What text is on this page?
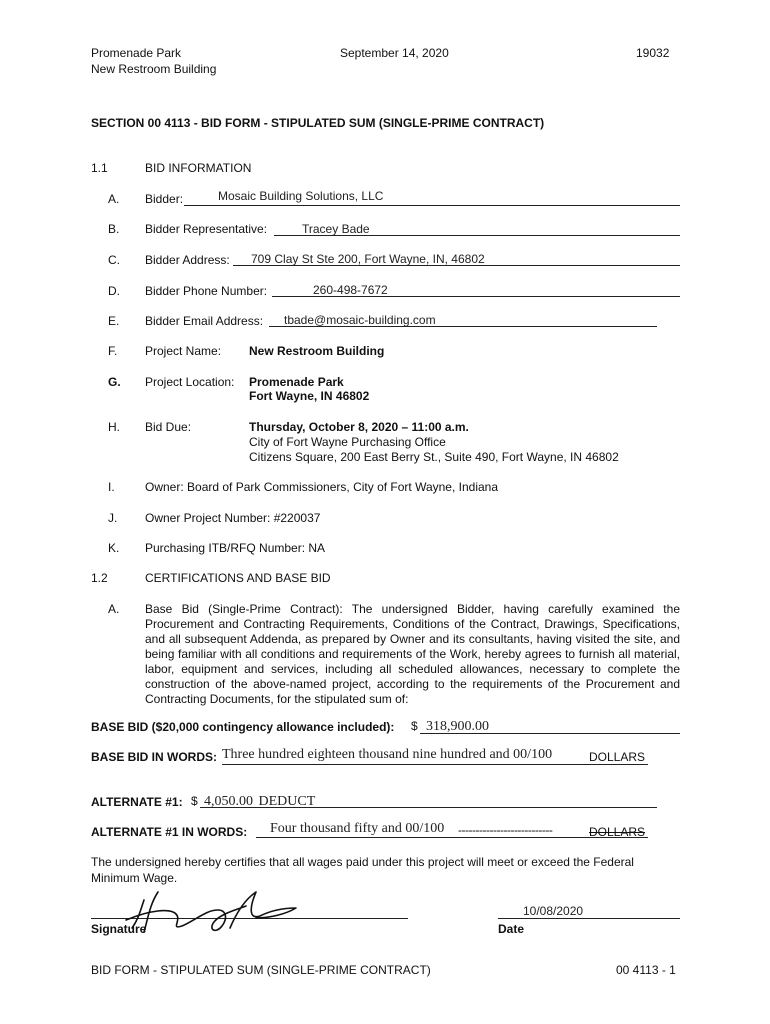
Promenade Park
New Restroom Building
September 14, 2020	19032
SECTION 00 4113 - BID FORM - STIPULATED SUM (SINGLE-PRIME CONTRACT)
1.1	BID INFORMATION
A. Bidder:	Mosaic Building Solutions, LLC
B. Bidder Representative:	Tracey Bade
C. Bidder Address: 709 Clay St Ste 200, Fort Wayne, IN, 46802
D. Bidder Phone Number:	260-498-7672
E. Bidder Email Address: tbade@mosaic-building.com
F. Project Name: New Restroom Building
G. Project Location: Promenade Park
Fort Wayne, IN 46802
H. Bid Due:	Thursday, October 8, 2020 – 11:00 a.m.
City of Fort Wayne Purchasing Office
Citizens Square, 200 East Berry St., Suite 490, Fort Wayne, IN 46802
I.	Owner: Board of Park Commissioners, City of Fort Wayne, Indiana
J. Owner Project Number: #220037
K. Purchasing ITB/RFQ Number: NA
1.2	CERTIFICATIONS AND BASE BID
A. Base Bid (Single-Prime Contract): The undersigned Bidder, having carefully examined the Procurement and Contracting Requirements, Conditions of the Contract, Drawings, Specifications, and all subsequent Addenda, as prepared by Owner and its consultants, having visited the site, and being familiar with all conditions and requirements of the Work, hereby agrees to furnish all material, labor, equipment and services, including all scheduled allowances, necessary to complete the construction of the above-named project, according to the requirements of the Procurement and Contracting Documents, for the stipulated sum of:
BASE BID ($20,000 contingency allowance included): $ 318,900.00
BASE BID IN WORDS: Three hundred eighteen thousand nine hundred and 00/100	DOLLARS
ALTERNATE #1: $ 4,050.00 DEDUCT
ALTERNATE #1 IN WORDS: Four thousand fifty and 00/100 ---------------------------	DOLLARS
The undersigned hereby certifies that all wages paid under this project will meet or exceed the Federal Minimum Wage.
Signature
10/08/2020
Date
BID FORM - STIPULATED SUM (SINGLE-PRIME CONTRACT)	00 4113 - 1
